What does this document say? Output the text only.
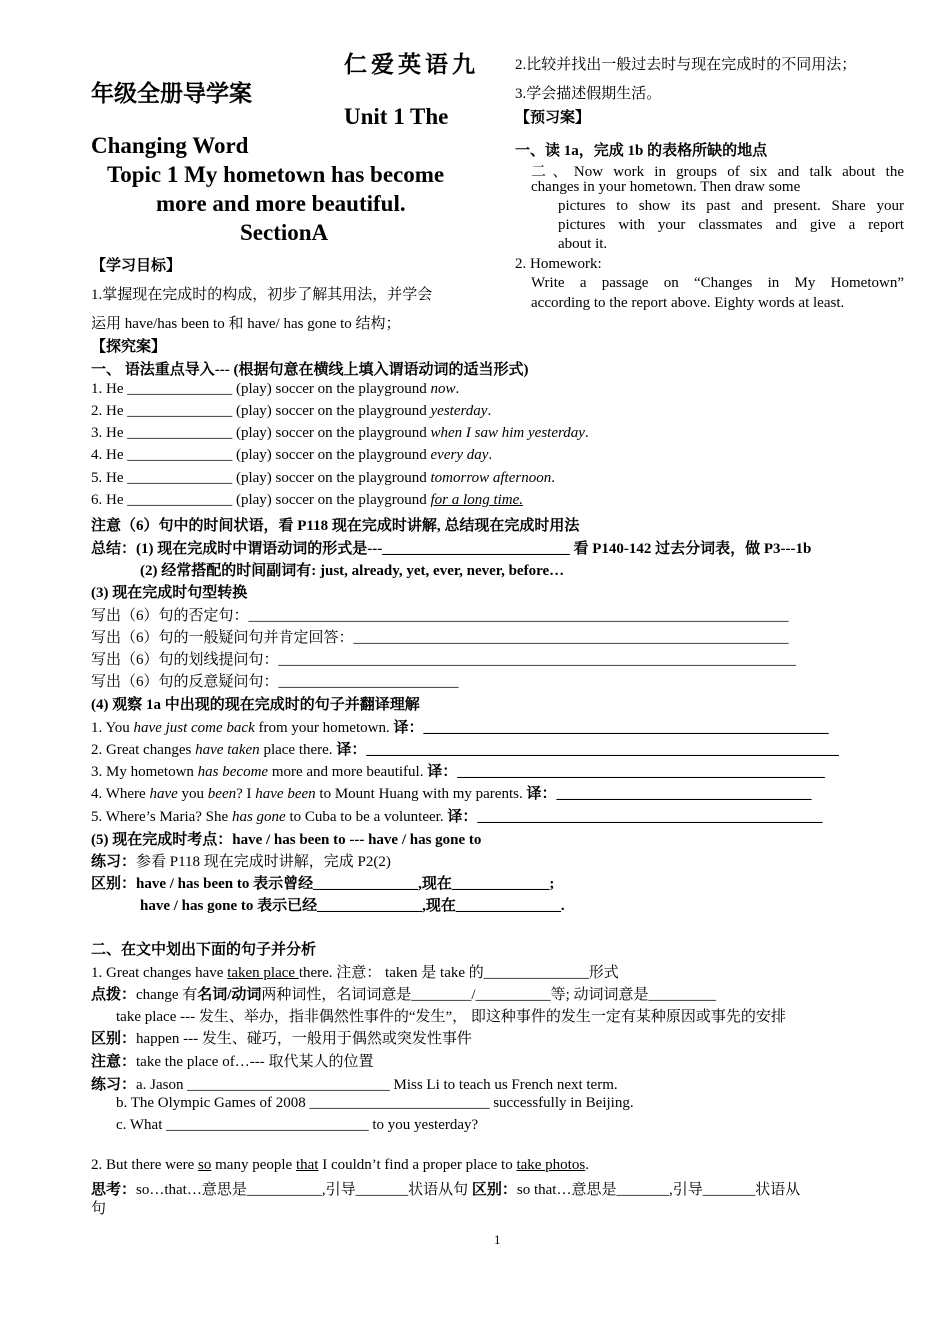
仁爱英语九
年级全册导学案
Unit 1 The
Changing Word
Topic 1 My hometown has become
more and more beautiful.
SectionA
【学习目标】
1.掌握现在完成时的构成，初步了解其用法，并学会
运用 have/has been to 和 have/ has gone to 结构；
2.比较并找出一般过去时与现在完成时的不同用法；
3.学会描述假期生活。
【预习案】
一、读 1a，完成 1b 的表格所缺的地点
二、Now work in groups of six and talk about the
changes in your hometown. Then draw some
pictures to show its past and present. Share your
pictures with your classmates and give a report
about it.
2. Homework:
Write a passage on “Changes in My Hometown”
according to the report above. Eighty words at least.
【探究案】
一、 语法重点导入--- (根据句意在横线上填入谓语动词的适当形式)
1. He ______________ (play) soccer on the playground now.
2. He ______________ (play) soccer on the playground yesterday.
3. He ______________ (play) soccer on the playground when I saw him yesterday.
4. He ______________ (play) soccer on the playground every day.
5. He ______________ (play) soccer on the playground tomorrow afternoon.
6. He ______________ (play) soccer on the playground for a long time.
注意（6）句中的时间状语，看 P118 现在完成时讲解, 总结现在完成时用法
总结：(1) 现在完成时中谓语动词的形式是---_________________________ 看 P140-142 过去分词表，做 P3---1b
(2) 经常搭配的时间副词有: just, already, yet, ever, never, before…
(3) 现在完成时句型转换
写出（6）句的否定句：________________________________________________________________________
写出（6）句的一般疑问句并肯定回答：__________________________________________________________
写出（6）句的划线提问句：_____________________________________________________________________
写出（6）句的反意疑问句：________________________
(4) 观察 1a 中出现的现在完成时的句子并翻译理解
1. You have just come back from your hometown. 译：______________________________________________________
2. Great changes have taken place there. 译：_______________________________________________________________
3. My hometown has become more and more beautiful. 译：_________________________________________________
4. Where have you been? I have been to Mount Huang with my parents. 译：__________________________________
5. Where’s Maria? She has gone to Cuba to be a volunteer. 译：______________________________________________
(5) 现在完成时考点：have / has been to --- have / has gone to
练习：参看 P118 现在完成时讲解，完成 P2(2)
区别：have / has been to 表示曾经______________,现在_____________;
have / has gone to 表示已经______________,现在______________.
二、在文中划出下面的句子并分析
1. Great changes have taken place there. 注意： taken 是 take 的______________形式
点拨：change 有名词/动词两种词性，名词词意是________/__________等; 动词词意是_________
take place --- 发生、举办，指非偶然性事件的“发生”， 即这种事件的发生一定有某种原因或事先的安排
区别：happen --- 发生、碰巧，一般用于偶然或突发性事件
注意：take the place of…--- 取代某人的位置
练习：a. Jason ___________________________ Miss Li to teach us French next term.
b. The Olympic Games of 2008 ________________________ successfully in Beijing.
c. What ___________________________ to you yesterday?
2. But there were so many people that I couldn’t find a proper place to take photos.
思考：so…that…意思是__________,引导_______状语从句 区别：so that…意思是_______,引导_______状语从
句
1
